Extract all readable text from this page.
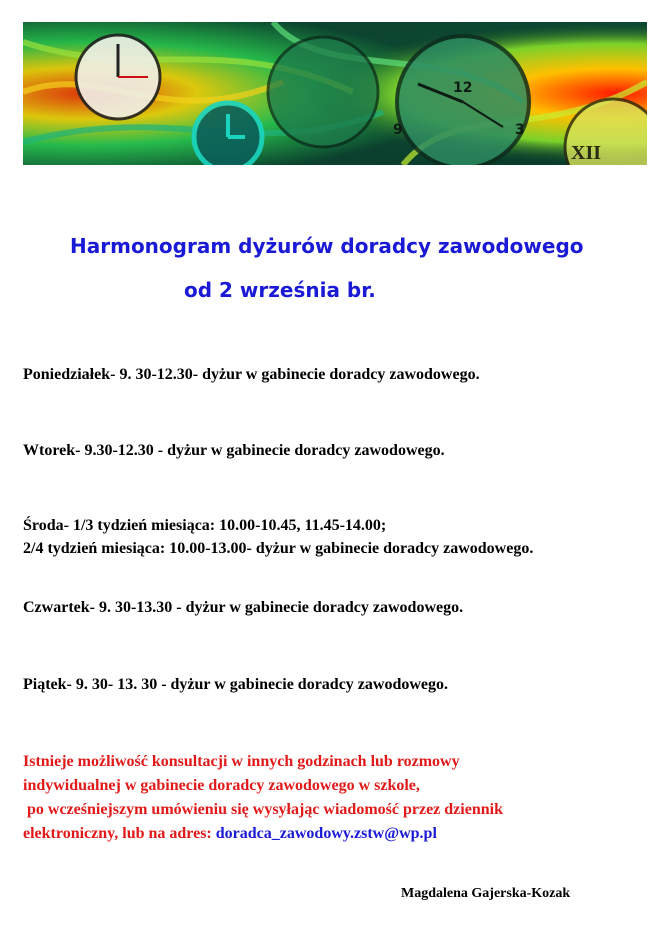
12
3
9
XII
Harmonogram dyżurów doradcy zawodowego
od 2 września br.
Poniedziałek- 9. 30-12.30- dyżur w gabinecie doradcy zawodowego.
Wtorek- 9.30-12.30 - dyżur w gabinecie doradcy zawodowego.
Środa- 1/3 tydzień miesiąca: 10.00-10.45, 11.45-14.00;
2/4 tydzień miesiąca: 10.00-13.00- dyżur w gabinecie doradcy zawodowego.
Czwartek- 9. 30-13.30 - dyżur w gabinecie doradcy zawodowego.
Piątek- 9. 30- 13. 30 - dyżur w gabinecie doradcy zawodowego.
Istnieje możliwość konsultacji w innych godzinach lub rozmowy
indywidualnej w gabinecie doradcy zawodowego w szkole,
po wcześniejszym umówieniu się wysyłając wiadomość przez dziennik
elektroniczny, lub na adres: doradca_zawodowy.zstw@wp.pl
Magdalena Gajerska-Kozak
